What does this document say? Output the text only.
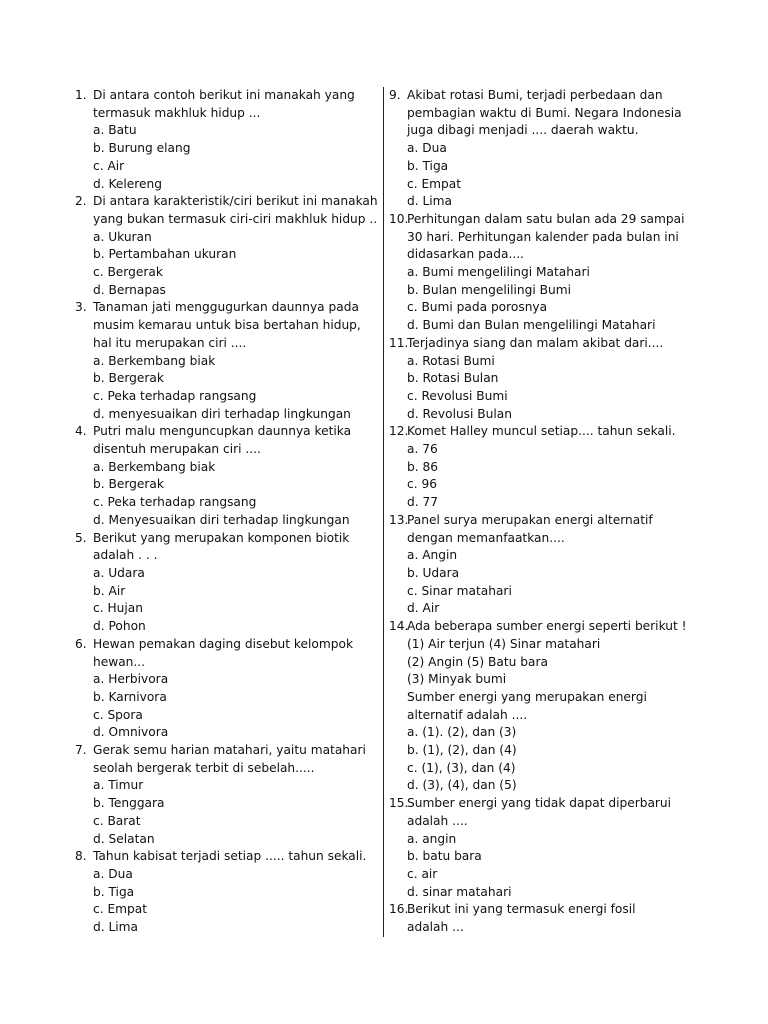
1. Di antara contoh berikut ini manakah yang
termasuk makhluk hidup ...
a. Batu
b. Burung elang
c. Air
d. Kelereng
2. Di antara karakteristik/ciri berikut ini manakah
yang bukan termasuk ciri-ciri makhluk hidup ..
a. Ukuran
b. Pertambahan ukuran
c. Bergerak
d. Bernapas
3. Tanaman jati menggugurkan daunnya pada
musim kemarau untuk bisa bertahan hidup,
hal itu merupakan ciri ....
a. Berkembang biak
b. Bergerak
c. Peka terhadap rangsang
d. menyesuaikan diri terhadap lingkungan
4. Putri malu menguncupkan daunnya ketika
disentuh merupakan ciri ....
a. Berkembang biak
b. Bergerak
c. Peka terhadap rangsang
d. Menyesuaikan diri terhadap lingkungan
5. Berikut yang merupakan komponen biotik
adalah . . .
a. Udara
b. Air
c. Hujan
d. Pohon
6. Hewan pemakan daging disebut kelompok
hewan...
a. Herbivora
b. Karnivora
c. Spora
d. Omnivora
7. Gerak semu harian matahari, yaitu matahari
seolah bergerak terbit di sebelah.....
a. Timur
b. Tenggara
c. Barat
d. Selatan
8. Tahun kabisat terjadi setiap ..... tahun sekali.
a. Dua
b. Tiga
c. Empat
d. Lima
9. Akibat rotasi Bumi, terjadi perbedaan dan
pembagian waktu di Bumi. Negara Indonesia
juga dibagi menjadi .... daerah waktu.
a. Dua
b. Tiga
c. Empat
d. Lima
10.
Perhitungan dalam satu bulan ada 29 sampai
30 hari. Perhitungan kalender pada bulan ini
didasarkan pada....
a. Bumi mengelilingi Matahari
b. Bulan mengelilingi Bumi
c. Bumi pada porosnya
d. Bumi dan Bulan mengelilingi Matahari
11.
Terjadinya siang dan malam akibat dari....
a. Rotasi Bumi
b. Rotasi Bulan
c. Revolusi Bumi
d. Revolusi Bulan
12.
Komet Halley muncul setiap.... tahun sekali.
a. 76
b. 86
c. 96
d. 77
13.
Panel surya merupakan energi alternatif
dengan memanfaatkan....
a. Angin
b. Udara
c. Sinar matahari
d. Air
14.
Ada beberapa sumber energi seperti berikut !
(1) Air terjun (4) Sinar matahari
(2) Angin (5) Batu bara
(3) Minyak bumi
Sumber energi yang merupakan energi
alternatif adalah ....
a. (1). (2), dan (3)
b. (1), (2), dan (4)
c. (1), (3), dan (4)
d. (3), (4), dan (5)
15.
Sumber energi yang tidak dapat diperbarui
adalah ....
a. angin
b. batu bara
c. air
d. sinar matahari
16.
Berikut ini yang termasuk energi fosil
adalah ...
